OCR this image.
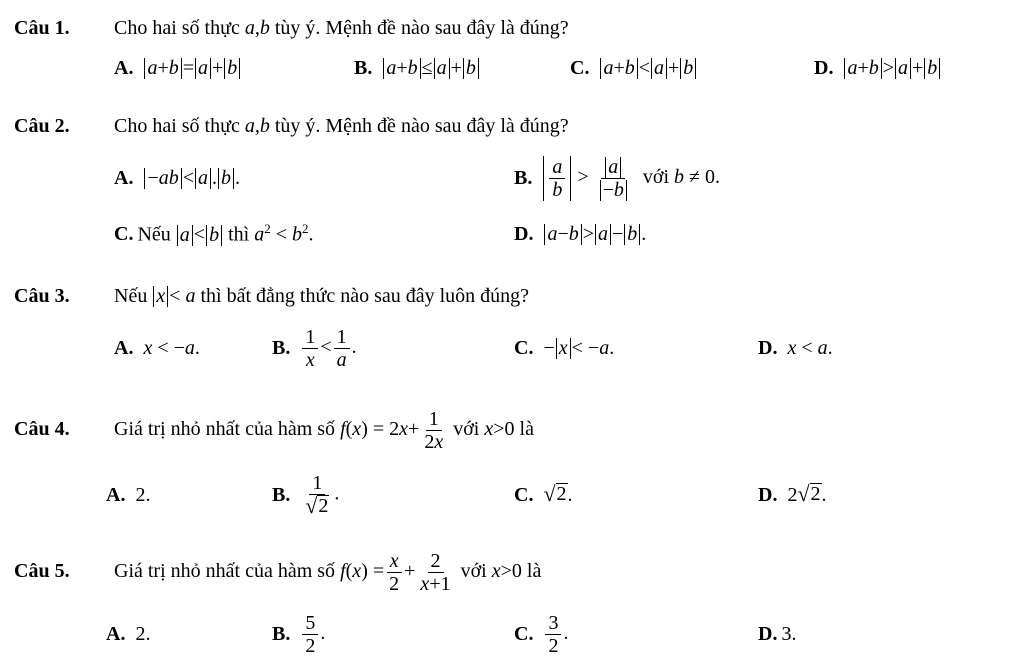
Câu 1. Cho hai số thực a,b tùy ý. Mệnh đề nào sau đây là đúng?
A. a+b = a + b	B. a+b ≤ a + b	C. a+b < a + b	D. a+b > a + b
Câu 2. Cho hai số thực a,b tùy ý. Mệnh đề nào sau đây là đúng?
A. −ab < a . b .	B. $\frac{a}{b} > \frac{a}{-b}$ với b ≠ 0.
C. Nếu a < b thì $a^2 < b^2$.	D. a−b > a − b .
Câu 3. Nếu x < a thì bất đẳng thức nào sau đây luôn đúng?
A. x < −a.	B. $\frac{1}{x} < \frac{1}{a}$ .	C. − x < −a.	D. x < a.
Câu 4. Giá trị nhỏ nhất của hàm số $f(x) = 2x+ \frac{1}{2x}$ với x>0 là
A. 2.	B. $\frac{1}{√ 2}$ .	C. √ 2 .	D. 2 √ 2 .
Câu 5. Giá trị nhỏ nhất của hàm số $f(x) = \frac{x}{2} + \frac{2}{x+1}$ với x>0 là
A. 2.	B. $\frac{5}{2}$ .	C. $\frac{3}{2}$ .	D. 3.
